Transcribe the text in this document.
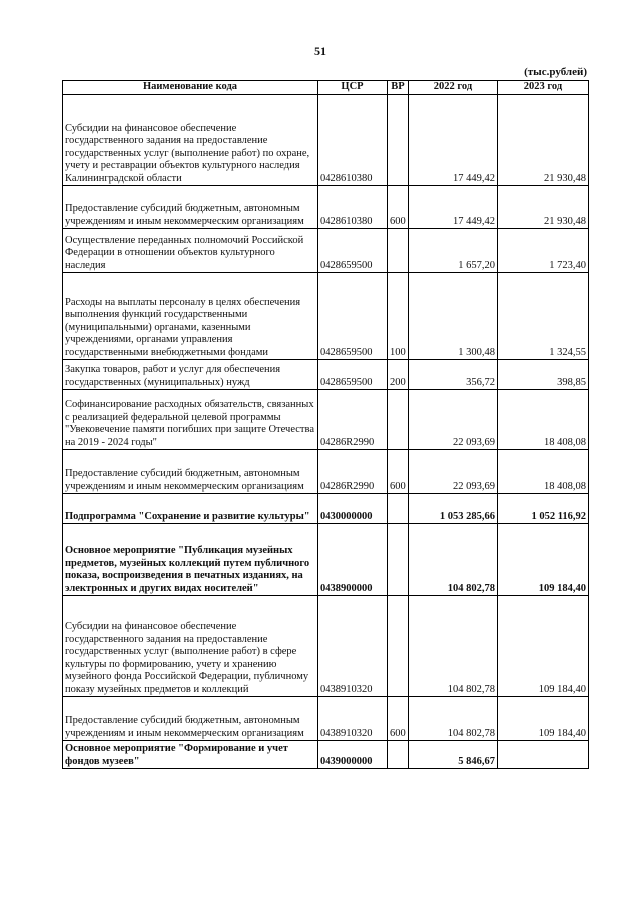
51
(тыс.рублей)
Наименование кода	ЦСР	ВР	2022 год	2023 год
Субсидии на финансовое обеспечение государственного задания на предоставление государственных услуг (выполнение работ) по охране, учету и реставрации объектов культурного наследия Калининградской области	0428610380		17 449,42	21 930,48
Предоставление субсидий бюджетным, автономным учреждениям и иным некоммерческим организациям	0428610380	600	17 449,42	21 930,48
Осуществление переданных полномочий Российской Федерации в отношении объектов культурного наследия	0428659500		1 657,20	1 723,40
Расходы на выплаты персоналу в целях обеспечения выполнения функций государственными (муниципальными) органами, казенными учреждениями, органами управления государственными внебюджетными фондами	0428659500	100	1 300,48	1 324,55
Закупка товаров, работ и услуг для обеспечения государственных (муниципальных) нужд	0428659500	200	356,72	398,85
Софинансирование расходных обязательств, связанных с реализацией федеральной целевой программы "Увековечение памяти погибших при защите Отечества на 2019 - 2024 годы"	04286R2990		22 093,69	18 408,08
Предоставление субсидий бюджетным, автономным учреждениям и иным некоммерческим организациям	04286R2990	600	22 093,69	18 408,08
Подпрограмма "Сохранение и развитие культуры"	0430000000		1 053 285,66	1 052 116,92
Основное мероприятие "Публикация музейных предметов, музейных коллекций путем публичного показа, воспроизведения в печатных изданиях, на электронных и других видах носителей"	0438900000		104 802,78	109 184,40
Субсидии на финансовое обеспечение государственного задания на предоставление государственных услуг (выполнение работ) в сфере культуры по формированию, учету и хранению музейного фонда Российской Федерации, публичному показу музейных предметов и коллекций	0438910320		104 802,78	109 184,40
Предоставление субсидий бюджетным, автономным учреждениям и иным некоммерческим организациям	0438910320	600	104 802,78	109 184,40
Основное мероприятие "Формирование и учет фондов музеев"	0439000000		5 846,67	
